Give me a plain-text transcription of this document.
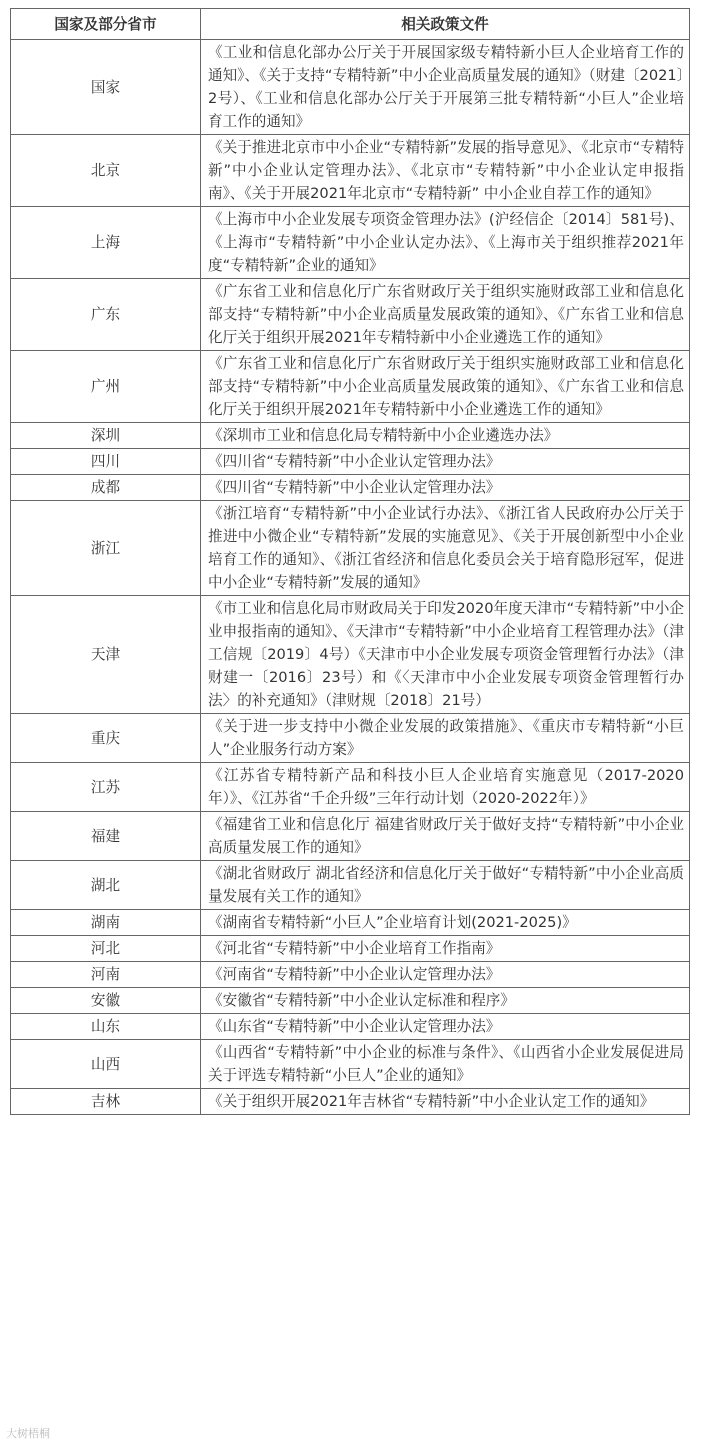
国家及部分省市	相关政策文件
国家	《工业和信息化部办公厅关于开展国家级专精特新小巨人企业培育工作的通知》、《关于支持“专精特新”中小企业高质量发展的通知》（财建〔2021〕2号）、《工业和信息化部办公厅关于开展第三批专精特新“小巨人”企业培育工作的通知》
北京	《关于推进北京市中小企业“专精特新”发展的指导意见》、《北京市“专精特新”中小企业认定管理办法》、《北京市“专精特新”中小企业认定申报指南》、《关于开展2021年北京市“专精特新” 中小企业自荐工作的通知》
上海	《上海市中小企业发展专项资金管理办法》(沪经信企〔2014〕581号)、《上海市“专精特新”中小企业认定办法》、《上海市关于组织推荐2021年度“专精特新”企业的通知》
广东	《广东省工业和信息化厅广东省财政厅关于组织实施财政部工业和信息化部支持“专精特新”中小企业高质量发展政策的通知》、《广东省工业和信息化厅关于组织开展2021年专精特新中小企业遴选工作的通知》
广州	《广东省工业和信息化厅广东省财政厅关于组织实施财政部工业和信息化部支持“专精特新”中小企业高质量发展政策的通知》、《广东省工业和信息化厅关于组织开展2021年专精特新中小企业遴选工作的通知》
深圳	《深圳市工业和信息化局专精特新中小企业遴选办法》
四川	《四川省“专精特新”中小企业认定管理办法》
成都	《四川省“专精特新”中小企业认定管理办法》
浙江	《浙江培育“专精特新”中小企业试行办法》、《浙江省人民政府办公厅关于推进中小微企业“专精特新”发展的实施意见》、《关于开展创新型中小企业培育工作的通知》、《浙江省经济和信息化委员会关于培育隐形冠军，促进中小企业“专精特新”发展的通知》
天津	《市工业和信息化局市财政局关于印发2020年度天津市“专精特新”中小企业申报指南的通知》、《天津市“专精特新”中小企业培育工程管理办法》（津工信规〔2019〕4号）《天津市中小企业发展专项资金管理暂行办法》（津财建一〔2016〕23号）和《〈天津市中小企业发展专项资金管理暂行办法〉的补充通知》（津财规〔2018〕21号）
重庆	《关于进一步支持中小微企业发展的政策措施》、《重庆市专精特新“小巨人”企业服务行动方案》
江苏	《江苏省专精特新产品和科技小巨人企业培育实施意见（2017-2020年）》、《江苏省“千企升级”三年行动计划（2020-2022年）》
福建	《福建省工业和信息化厅 福建省财政厅关于做好支持“专精特新”中小企业高质量发展工作的通知》
湖北	《湖北省财政厅 湖北省经济和信息化厅关于做好“专精特新”中小企业高质量发展有关工作的通知》
湖南	《湖南省专精特新“小巨人”企业培育计划(2021-2025)》
河北	《河北省“专精特新”中小企业培育工作指南》
河南	《河南省“专精特新”中小企业认定管理办法》
安徽	《安徽省“专精特新”中小企业认定标准和程序》
山东	《山东省“专精特新”中小企业认定管理办法》
山西	《山西省“专精特新”中小企业的标准与条件》、《山西省小企业发展促进局关于评选专精特新“小巨人”企业的通知》
吉林	《关于组织开展2021年吉林省“专精特新”中小企业认定工作的通知》
大树梧桐
